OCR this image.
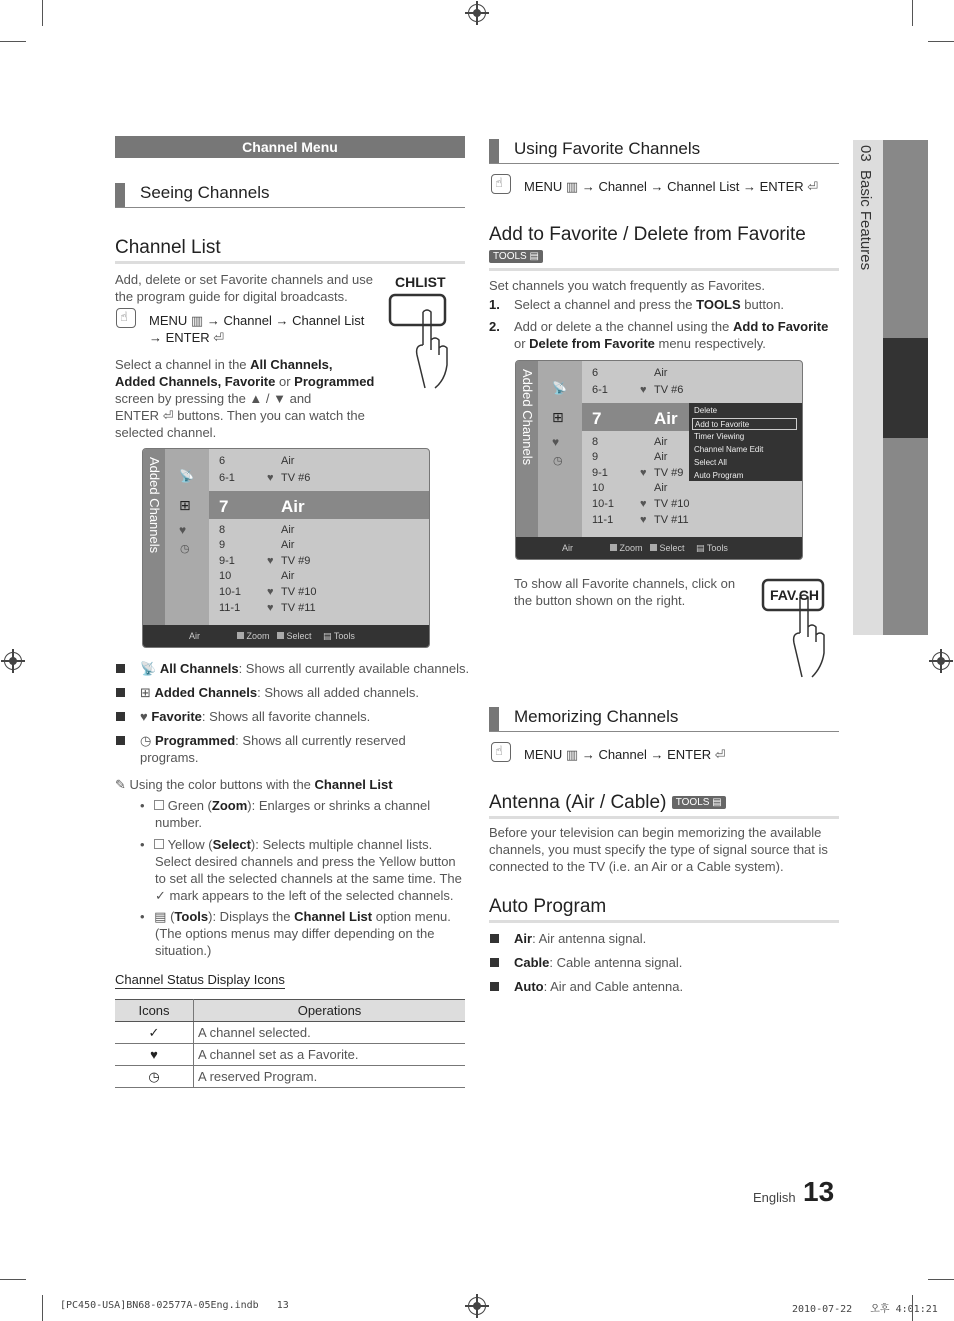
03  Basic Features
Channel Menu
Seeing Channels
Channel List
Add, delete or set Favorite channels and use the program guide for digital broadcasts.
☝
MENU ▥ → Channel → Channel List
→ ENTER ⏎
CHLIST
Select a channel in the All Channels,
Added Channels, Favorite or Programmed
screen by pressing the ▲ / ▼ and
ENTER ⏎ buttons. Then you can watch the
selected channel.
Added Channels 📡
⊞
♥
◷
6	Air
6-1	♥ TV #6
7	Air
8	Air
9	Air
9-1	♥ TV #9
10	Air
10-1 ♥ TV #10
11-1 ♥ TV #11
Air	Zoom	Select ▤ Tools
📡 All Channels: Shows all currently available channels.
⊞ Added Channels: Shows all added channels.
♥ Favorite: Shows all favorite channels.
◷ Programmed: Shows all currently reserved
programs.
✎ Using the color buttons with the Channel List
•  Green (Zoom): Enlarges or shrinks a channel
number.
•  Yellow (Select): Selects multiple channel lists.
Select desired channels and press the Yellow button
to set all the selected channels at the same time. The
✓ mark appears to the left of the selected channels.
• ▤ (Tools): Displays the Channel List option menu.
(The options menus may differ depending on the
situation.)
Channel Status Display Icons
Icons	Operations
✓	A channel selected.
♥	A channel set as a Favorite.
◷	A reserved Program.
Using Favorite Channels
☝
MENU ▥ → Channel → Channel List → ENTER ⏎
Add to Favorite / Delete from Favorite
TOOLS ▤
Set channels you watch frequently as Favorites.
1. Select a channel and press the TOOLS button.
2. Add or delete a the channel using the Add to Favorite
or Delete from Favorite menu respectively.
Added Channels 📡
⊞
♥
◷
6	Air
6-1	♥ TV #6
7	Air
8	Air
9	Air
9-1	♥ TV #9
10	Air
10-1 ♥ TV #10
11-1 ♥ TV #11
Delete
Add to Favorite
Timer Viewing
Channel Name Edit
Select All
Auto Program
Air	Zoom	Select ▤ Tools
To show all Favorite channels, click on
the button shown on the right.	FAV.CH
Memorizing Channels
☝
MENU ▥ → Channel → ENTER ⏎
Antenna (Air / Cable) TOOLS ▤
Before your television can begin memorizing the available
channels, you must specify the type of signal source that is
connected to the TV (i.e. an Air or a Cable system).
Auto Program
Air: Air antenna signal.
Cable: Cable antenna signal.
Auto: Air and Cable antenna.
English 13
[PC450-USA]BN68-02577A-05Eng.indb   13	2010-07-22   오후 4:01:21
